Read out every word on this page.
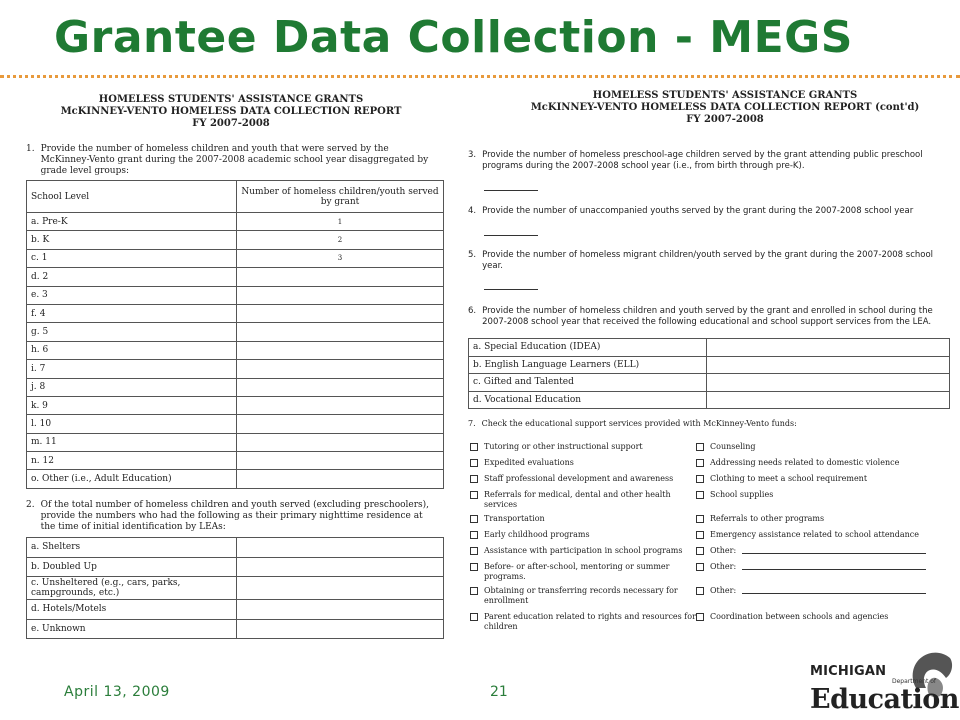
Grantee Data Collection - MEGS
HOMELESS STUDENTS' ASSISTANCE GRANTS
McKINNEY-VENTO HOMELESS DATA COLLECTION REPORT
FY 2007-2008
1. Provide the number of homeless children and youth that were served by the McKinney-Vento grant during the 2007-2008 academic school year disaggregated by grade level groups:
School Level	Number of homeless children/youth served by grant
a. Pre-K	1
b. K	2
c. 1	3
d. 2	
e. 3	
f. 4	
g. 5	
h. 6	
i. 7	
j. 8	
k. 9	
l. 10	
m. 11	
n. 12	
o. Other (i.e., Adult Education)	
2. Of the total number of homeless children and youth served (excluding preschoolers), provide the numbers who had the following as their primary nighttime residence at the time of initial identification by LEAs:
a. Shelters	
b. Doubled Up	
c. Unsheltered (e.g., cars, parks, campgrounds, etc.)	
d. Hotels/Motels	
e. Unknown	
HOMELESS STUDENTS' ASSISTANCE GRANTS
McKINNEY-VENTO HOMELESS DATA COLLECTION REPORT (cont'd)
FY 2007-2008
3. Provide the number of homeless preschool-age children served by the grant attending public preschool programs during the 2007-2008 school year (i.e., from birth through pre-K).
4. Provide the number of unaccompanied youths served by the grant during the 2007-2008 school year
5. Provide the number of homeless migrant children/youth served by the grant during the 2007-2008 school year.
6. Provide the number of homeless children and youth served by the grant and enrolled in school during the 2007-2008 school year that received the following educational and school support services from the LEA.
a. Special Education (IDEA)	
b. English Language Learners (ELL)	
c. Gifted and Talented	
d. Vocational Education	
7. Check the educational support services provided with McKinney-Vento funds:
Tutoring or other instructional support
Expedited evaluations
Staff professional development and awareness
Referrals for medical, dental and other health services
Transportation
Early childhood programs
Assistance with participation in school programs
Before- or after-school, mentoring or summer programs.
Obtaining or transferring records necessary for enrollment
Parent education related to rights and resources for children
Counseling
Addressing needs related to domestic violence
Clothing to meet a school requirement
School supplies
Referrals to other programs
Emergency assistance related to school attendance
Other:
Other:
Other:
Coordination between schools and agencies
April 13, 2009	21
MICHIGAN
Department of
Education
